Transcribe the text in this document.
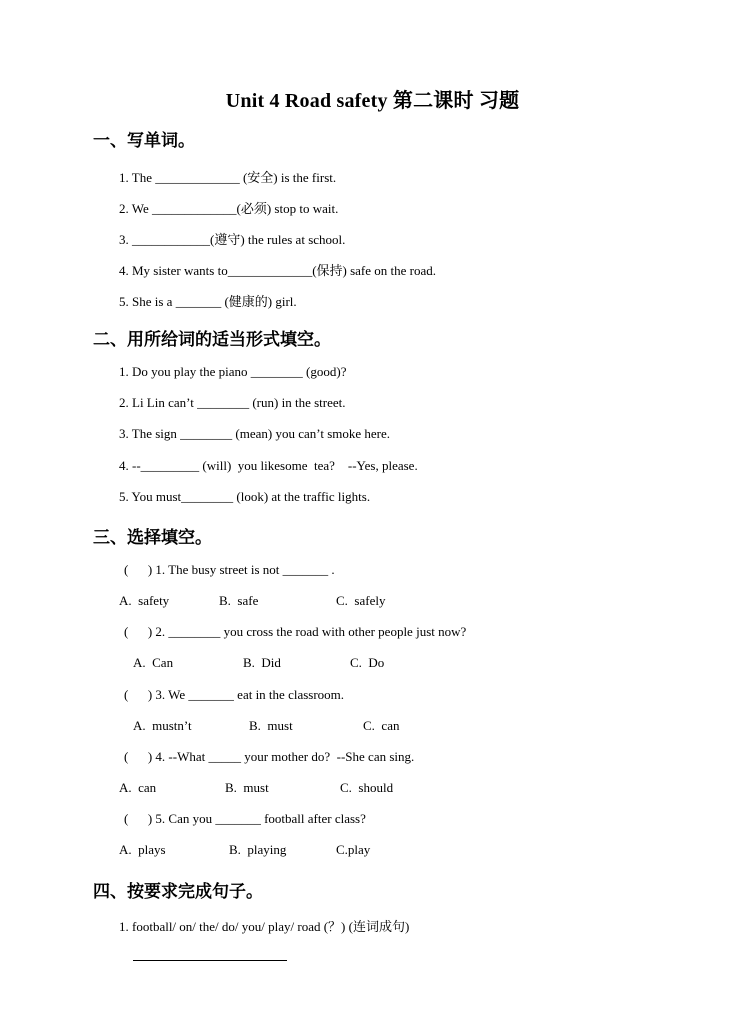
Unit 4 Road safety 第二课时 习题
一、写单词。
1. The _____________ (安全) is the first.
2. We _____________(必须) stop to wait.
3. ____________(遵守) the rules at school.
4. My sister wants to_____________(保持) safe on the road.
5. She is a _______ (健康的) girl.
二、用所给词的适当形式填空。
1. Do you play the piano ________ (good)?
2. Li Lin can’t ________ (run) in the street.
3. The sign ________ (mean) you can’t smoke here.
4. --_________ (will)  you likesome  tea?    --Yes, please.
5. You must________ (look) at the traffic lights.
三、选择填空。
(      ) 1. The busy street is not _______ .
A.  safety	B.  safe	C.  safely
(      ) 2. ________ you cross the road with other people just now?
A.  Can	B.  Did	C.  Do
(      ) 3. We _______ eat in the classroom.
A.  mustn’t	B.  must	C.  can
(      ) 4. --What _____ your mother do?  --She can sing.
A.  can	B.  must	C.  should
(      ) 5. Can you _______ football after class?
A.  plays	B.  playing	C.play
四、按要求完成句子。
1. football/ on/ the/ do/ you/ play/ road (？) (连词成句)
